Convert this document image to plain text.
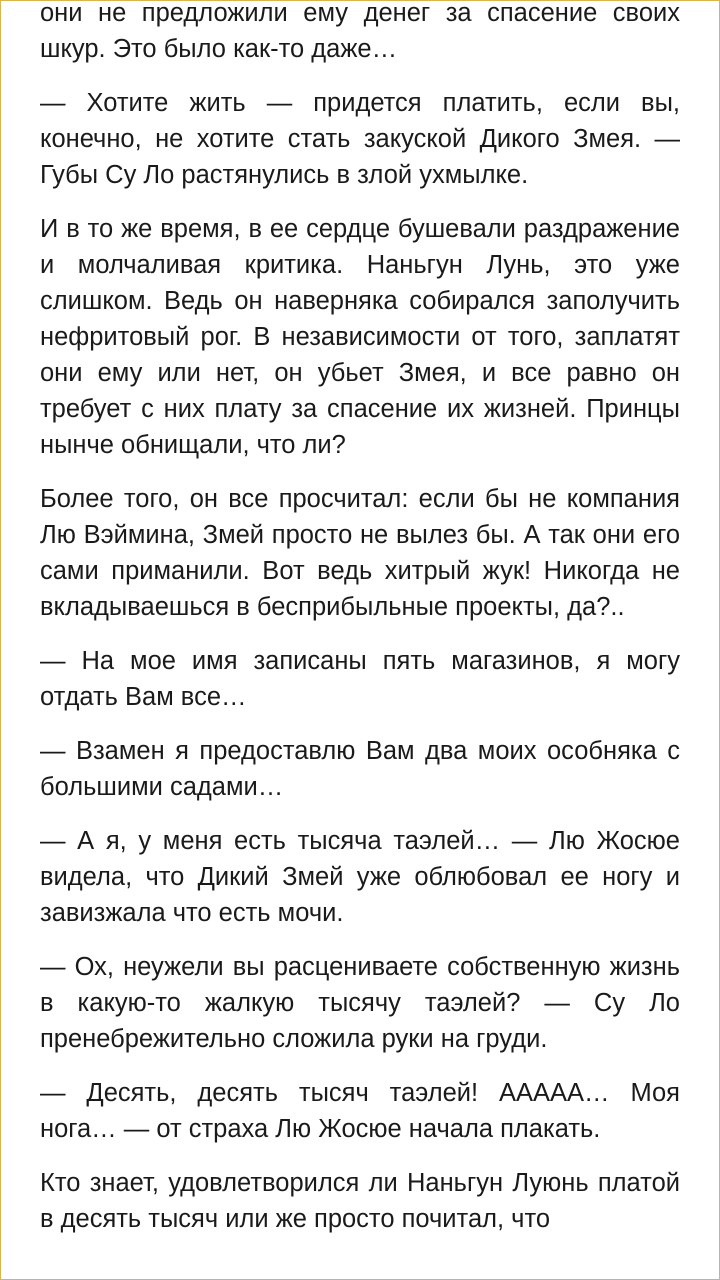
они не предложили ему денег за спасение своих шкур. Это было как-то даже…

— Хотите жить — придется платить, если вы, конечно, не хотите стать закуской Дикого Змея. — Губы Су Ло растянулись в злой ухмылке.

И в то же время, в ее сердце бушевали раздражение и молчаливая критика. Наньгун Лунь, это уже слишком. Ведь он наверняка собирался заполучить нефритовый рог. В независимости от того, заплатят они ему или нет, он убьет Змея, и все равно он требует с них плату за спасение их жизней. Принцы нынче обнищали, что ли?

Более того, он все просчитал: если бы не компания Лю Вэймина, Змей просто не вылез бы. А так они его сами приманили. Вот ведь хитрый жук! Никогда не вкладываешься в бесприбыльные проекты, да?..

— На мое имя записаны пять магазинов, я могу отдать Вам все…

— Взамен я предоставлю Вам два моих особняка с большими садами…

— А я, у меня есть тысяча таэлей… — Лю Жосюе видела, что Дикий Змей уже облюбовал ее ногу и завизжала что есть мочи.

— Ох, неужели вы расцениваете собственную жизнь в какую-то жалкую тысячу таэлей? — Су Ло пренебрежительно сложила руки на груди.

— Десять, десять тысяч таэлей! ААААА… Моя нога… — от страха Лю Жосюе начала плакать.

Кто знает, удовлетворился ли Наньгун Луюнь платой в десять тысяч или же просто почитал, что
